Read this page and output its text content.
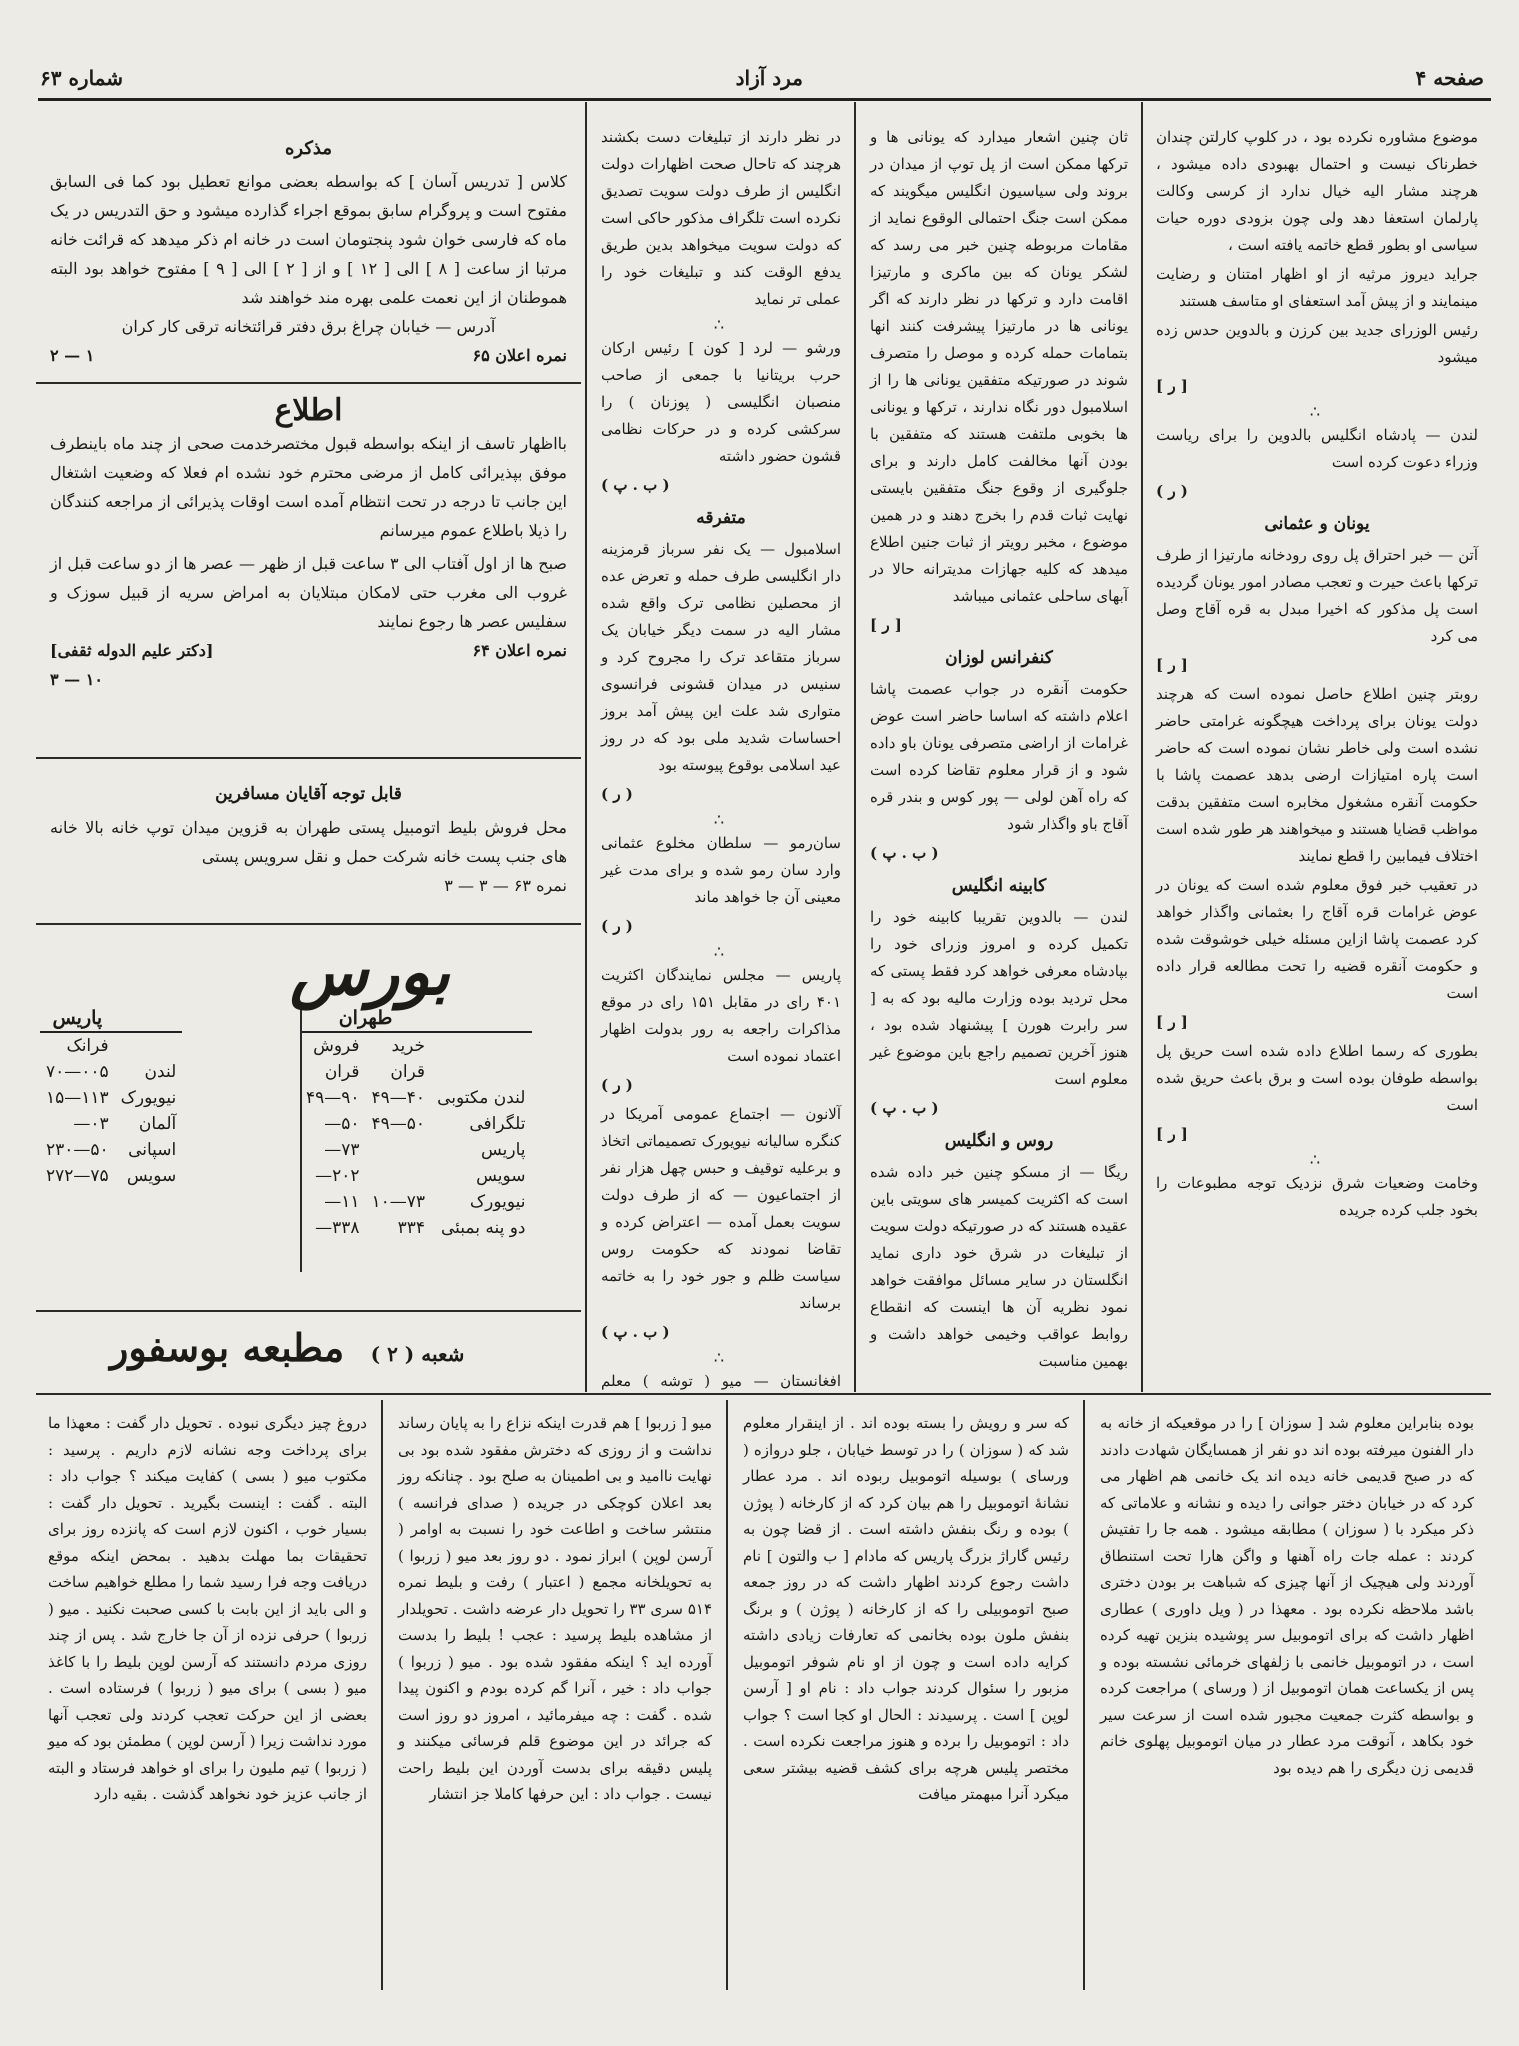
شماره ۶۳	مرد آزاد	صفحه ۴

موضوع مشاوره نکرده بود ، در کلوپ کارلتن چندان خطرناک نیست و احتمال بهبودی داده میشود ، هرچند مشار الیه خیال ندارد از کرسی وکالت پارلمان استعفا دهد ولی چون بزودی دوره حیات سیاسی او بطور قطع خاتمه یافته است ،

جراید دیروز مرثیه از او اظهار امتنان و رضایت مینمایند و از پیش آمد استعفای او متاسف هستند

رئیس الوزرای جدید بین کرزن و بالدوین حدس زده میشود

[ ر ]

∴

لندن — پادشاه انگلیس بالدوین را برای ریاست وزراء دعوت کرده است

( ر )

یونان و عثمانی

آتن — خبر احتراق پل روی رودخانه مارتیزا از طرف ترکها باعث حیرت و تعجب مصادر امور یونان گردیده است پل مذکور که اخیرا مبدل به قره آقاج وصل می کرد

[ ر ]

روبتر چنین اطلاع حاصل نموده است که هرچند دولت یونان برای پرداخت هیچگونه غرامتی حاضر نشده است ولی خاطر نشان نموده است که حاضر است پاره امتیازات ارضی بدهد عصمت پاشا با حکومت آنقره مشغول مخابره است متفقین بدقت مواظب قضایا هستند و میخواهند هر طور شده است اختلاف فیمابین را قطع نمایند

در تعقیب خبر فوق معلوم شده است که یونان در عوض غرامات قره آقاج را بعثمانی واگذار خواهد کرد عصمت پاشا ازاین مسئله خیلی خوشوقت شده و حکومت آنقره قضیه را تحت مطالعه قرار داده است

[ ر ]

بطوری که رسما اطلاع داده شده است حریق پل بواسطه طوفان بوده است و برق باعث حریق شده است

[ ر ]

∴

وخامت وضعیات شرق نزدیک توجه مطبوعات را بخود جلب کرده جریده

ثان چنین اشعار میدارد که یونانی ها و ترکها ممکن است از پل توپ از میدان در بروند ولی سیاسیون انگلیس میگویند که ممکن است جنگ احتمالی الوقوع نماید از مقامات مربوطه چنین خبر می رسد که لشکر یونان که بین ماکری و مارتیزا اقامت دارد و ترکها در نظر دارند که اگر یونانی ها در مارتیزا پیشرفت کنند انها بتمامات حمله کرده و موصل را متصرف شوند در صورتیکه متفقین یونانی ها را از اسلامبول دور نگاه ندارند ، ترکها و یونانی ها بخوبی ملتفت هستند که متفقین با بودن آنها مخالفت کامل دارند و برای جلوگیری از وقوع جنگ متفقین بایستی نهایت ثبات قدم را بخرج دهند و در همین موضوع ، مخبر رویتر از ثبات جنین اطلاع میدهد که کلیه جهازات مدیترانه حالا در آبهای ساحلی عثمانی میباشد

[ ر ]

کنفرانس لوزان

حکومت آنقره در جواب عصمت پاشا اعلام داشته که اساسا حاضر است عوض غرامات از اراضی متصرفی یونان باو داده شود و از قرار معلوم تقاضا کرده است که راه آهن لولی — پور کوس و بندر قره آقاج باو واگذار شود

( ب . پ )

کابینه انگلیس

لندن — بالدوین تقریبا کابینه خود را تکمیل کرده و امروز وزرای خود را بپادشاه معرفی خواهد کرد فقط پستی که محل تردید بوده وزارت مالیه بود که به [ سر رابرت هورن ] پیشنهاد شده بود ، هنوز آخرین تصمیم راجع باین موضوع غیر معلوم است

( ب . پ )

روس و انگلیس

ریگا — از مسکو چنین خبر داده شده است که اکثریت کمیسر های سویتی باین عقیده هستند که در صورتیکه دولت سویت از تبلیغات در شرق خود داری نماید انگلستان در سایر مسائل موافقت خواهد نمود نظریه آن ها اینست که انقطاع روابط عواقب وخیمی خواهد داشت و بهمین مناسبت

در نظر دارند از تبلیغات دست بکشند هرچند که تاحال صحت اظهارات دولت انگلیس از طرف دولت سویت تصدیق نکرده است تلگراف مذکور حاکی است که دولت سویت میخواهد بدین طریق یدفع الوقت کند و تبلیغات خود را عملی تر نماید

∴

ورشو — لرد [ کون ] رئیس ارکان حرب بریتانیا با جمعی از صاحب منصبان انگلیسی ( پوزنان ) را سرکشی کرده و در حرکات نظامی قشون حضور داشته

( ب . پ )

متفرقه

اسلامبول — یک نفر سرباز قرمزینه دار انگلیسی طرف حمله و تعرض عده از محصلین نظامی ترک واقع شده مشار الیه در سمت دیگر خیابان یک سرباز متقاعد ترک را مجروح کرد و سنیس در میدان قشونی فرانسوی متواری شد علت این پیش آمد بروز احساسات شدید ملی بود که در روز عید اسلامی بوقوع پیوسته بود

( ر )

∴

سان‌رمو — سلطان مخلوع عثمانی وارد سان رمو شده و برای مدت غیر معینی آن جا خواهد ماند

( ر )

∴

پاریس — مجلس نمایندگان اکثریت ۴۰۱ رای در مقابل ۱۵۱ رای در موقع مذاکرات راجعه به رور بدولت اظهار اعتماد نموده است

( ر )

آلانون — اجتماع عمومی آمریکا در کنگره سالیانه نیویورک تصمیماتی اتخاذ و برعلیه توقیف و حبس چهل هزار نفر از اجتماعیون — که از طرف دولت سویت بعمل آمده — اعتراض کرده و تقاضا نمودند که حکومت روس سیاست ظلم و جور خود را به خاتمه برساند

( ب . پ )

∴

افغانستان — میو ( توشه ) معلم

مذکره

کلاس [ تدریس آسان ] که بواسطه بعضی موانع تعطیل بود کما فی السابق مفتوح است و پروگرام سابق بموقع اجراء گذارده میشود و حق التدریس در یک ماه که فارسی خوان شود پنجتومان است در خانه ام ذکر میدهد که قرائت خانه مرتبا از ساعت [ ۸ ] الی [ ۱۲ ] و از [ ۲ ] الی [ ۹ ] مفتوح خواهد بود البته هموطنان از این نعمت علمی بهره مند خواهند شد

آدرس — خیابان چراغ برق دفتر قرائتخانه ترقی کار کران

نمره اعلان ۶۵
۱ — ۲
اطلاع

بااظهار تاسف از اینکه بواسطه قبول مختصرخدمت صحی از چند ماه باینطرف موفق بپذیرائی کامل از مرضی محترم خود نشده ام فعلا که وضعیت اشتغال این جانب تا درجه در تحت انتظام آمده است اوقات پذیرائی از مراجعه کنندگان را ذیلا باطلاع عموم میرسانم

صبح ها از اول آفتاب الی ۳ ساعت قبل از ظهر — عصر ها از دو ساعت قبل از غروب الی مغرب حتی لامکان مبتلایان به امراض سریه از قبیل سوزک و سفلیس عصر ها رجوع نمایند

نمره اعلان ۶۴
[دکتر علیم الدوله ثقفی]
۱۰ — ۳
قابل توجه آقایان مسافرین

محل فروش بلیط اتومبیل پستی طهران به قزوین میدان توپ خانه بالا خانه های جنب پست خانه شرکت حمل و نقل سرویس پستی

نمره ۶۳ — ۳ — ۳

بورس
	طهران	
	خرید	فروش
	قران	قران
لندن مکتوبی	۴۰—۴۹	۹۰—۴۹
تلگرافی	۵۰—۴۹	۵۰—
پاریس		۷۳—
سویس		۲۰۲—
نیویورک	۷۳—۱۰	۱۱—
دو پنه بمبئی	۳۳۴	۳۳۸—
	پاریس
	فرانک
لندن	۰۰۵—۷۰
نیویورک	۱۱۳—۱۵
آلمان	۰۳—
اسپانی	۵۰—۲۳۰
سویس	۷۵—۲۷۲
شعبه ( ۲ )  مطبعه بوسفور

بوده بنابراین معلوم شد [ سوزان ] را در موقعیکه از خانه به دار الفنون میرفته بوده اند دو نفر از همسایگان شهادت دادند که در صبح قدیمی خانه دیده اند یک خانمی هم اظهار می کرد که در خیابان دختر جوانی را دیده و نشانه و علاماتی که ذکر میکرد با ( سوزان ) مطابقه میشود . همه جا را تفتیش کردند : عمله جات راه آهنها و واگن هارا تحت استنطاق آوردند ولی هیچیک از آنها چیزی که شباهت بر بودن دختری باشد ملاحظه نکرده بود . معهذا در ( ویل داوری ) عطاری اظهار داشت که برای اتوموبیل سر پوشیده بنزین تهیه کرده است ، در اتوموبیل خانمی با زلفهای خرمائی نشسته بوده و پس از یکساعت همان اتوموبیل از ( ورسای ) مراجعت کرده و بواسطه کثرت جمعیت مجبور شده است از سرعت سیر خود بکاهد ، آنوقت مرد عطار در میان اتوموبیل پهلوی خانم قدیمی زن دیگری را هم دیده بود

که سر و رویش را بسته بوده اند . از اینقرار معلوم شد که ( سوزان ) را در توسط خیابان ، جلو دروازه ( ورسای ) بوسیله اتوموبیل ربوده اند . مرد عطار نشانهٔ اتوموبیل را هم بیان کرد که از کارخانه ( پوژن ) بوده و رنگ بنفش داشته است . از قضا چون به رئیس گاراژ بزرگ پاریس که مادام [ ب والتون ] نام داشت رجوع کردند اظهار داشت که در روز جمعه صبح اتوموبیلی را که از کارخانه ( پوژن ) و برنگ بنفش ملون بوده بخانمی که تعارفات زیادی داشته کرایه داده است و چون از او نام شوفر اتوموبیل مزبور را سئوال کردند جواب داد : نام او [ آرسن لوپن ] است . پرسیدند : الحال او کجا است ؟ جواب داد : اتوموبیل را برده و هنوز مراجعت نکرده است . مختصر پلیس هرچه برای کشف قضیه بیشتر سعی میکرد آنرا مبهمتر میافت

میو [ زربوا ] هم قدرت اینکه نزاع را به پایان رساند نداشت و از روزی که دخترش مفقود شده بود بی نهایت ناامید و بی اطمینان به صلح بود . چنانکه روز بعد اعلان کوچکی در جریده ( صدای فرانسه ) منتشر ساخت و اطاعت خود را نسبت به اوامر ( آرسن لوپن ) ابراز نمود . دو روز بعد میو ( زربوا ) به تحویلخانه مجمع ( اعتبار ) رفت و بلیط نمره ۵۱۴ سری ۳۳ را تحویل دار عرضه داشت . تحویلدار از مشاهده بلیط پرسید : عجب ! بلیط را بدست آورده اید ؟ اینکه مفقود شده بود . میو ( زربوا ) جواب داد : خیر ، آنرا گم کرده بودم و اکنون پیدا شده . گفت : چه میفرمائید ، امروز دو روز است که جرائد در این موضوع قلم فرسائی میکنند و پلیس دقیقه برای بدست آوردن این بلیط راحت نیست . جواب داد : این حرفها کاملا جز انتشار

دروغ چیز دیگری نبوده . تحویل دار گفت : معهذا ما برای پرداخت وجه نشانه لازم داریم . پرسید : مکتوب میو ( بسی ) کفایت میکند ؟ جواب داد : البته . گفت : اینست بگیرید . تحویل دار گفت : بسیار خوب ، اکنون لازم است که پانزده روز برای تحقیقات بما مهلت بدهید . بمحض اینکه موقع دریافت وجه فرا رسید شما را مطلع خواهیم ساخت و الی باید از این بابت با کسی صحبت نکنید . میو ( زربوا ) حرفی نزده از آن جا خارج شد . پس از چند روزی مردم دانستند که آرسن لوپن بلیط را با کاغذ میو ( بسی ) برای میو ( زربوا ) فرستاده است . بعضی از این حرکت تعجب کردند ولی تعجب آنها مورد نداشت زیرا ( آرسن لوپن ) مطمئن بود که میو ( زربوا ) تیم ملیون را برای او خواهد فرستاد و البته از جانب عزیز خود نخواهد گذشت . بقیه دارد
